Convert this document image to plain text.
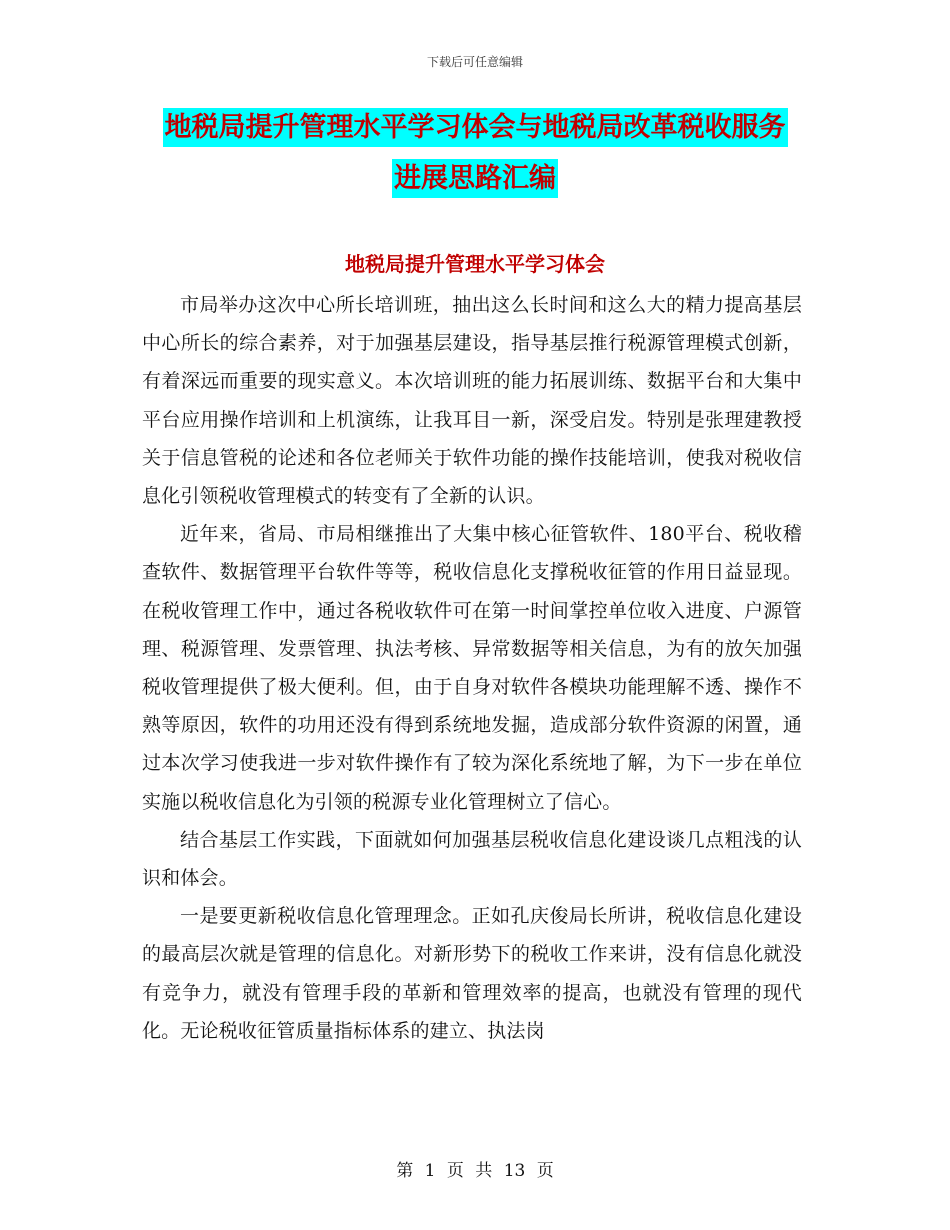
下载后可任意编辑
地税局提升管理水平学习体会与地税局改革税收服务
进展思路汇编
地税局提升管理水平学习体会

市局举办这次中心所长培训班，抽出这么长时间和这么大的精力提高基层中心所长的综合素养，对于加强基层建设，指导基层推行税源管理模式创新，有着深远而重要的现实意义。本次培训班的能力拓展训练、数据平台和大集中平台应用操作培训和上机演练，让我耳目一新，深受启发。特别是张理建教授关于信息管税的论述和各位老师关于软件功能的操作技能培训，使我对税收信息化引领税收管理模式的转变有了全新的认识。

近年来，省局、市局相继推出了大集中核心征管软件、180平台、税收稽查软件、数据管理平台软件等等，税收信息化支撑税收征管的作用日益显现。在税收管理工作中，通过各税收软件可在第一时间掌控单位收入进度、户源管理、税源管理、发票管理、执法考核、异常数据等相关信息，为有的放矢加强税收管理提供了极大便利。但，由于自身对软件各模块功能理解不透、操作不熟等原因，软件的功用还没有得到系统地发掘，造成部分软件资源的闲置，通过本次学习使我进一步对软件操作有了较为深化系统地了解，为下一步在单位实施以税收信息化为引领的税源专业化管理树立了信心。

结合基层工作实践，下面就如何加强基层税收信息化建设谈几点粗浅的认识和体会。

一是要更新税收信息化管理理念。正如孔庆俊局长所讲，税收信息化建设的最高层次就是管理的信息化。对新形势下的税收工作来讲，没有信息化就没有竞争力，就没有管理手段的革新和管理效率的提高，也就没有管理的现代化。无论税收征管质量指标体系的建立、执法岗

第 1 页 共 13 页
